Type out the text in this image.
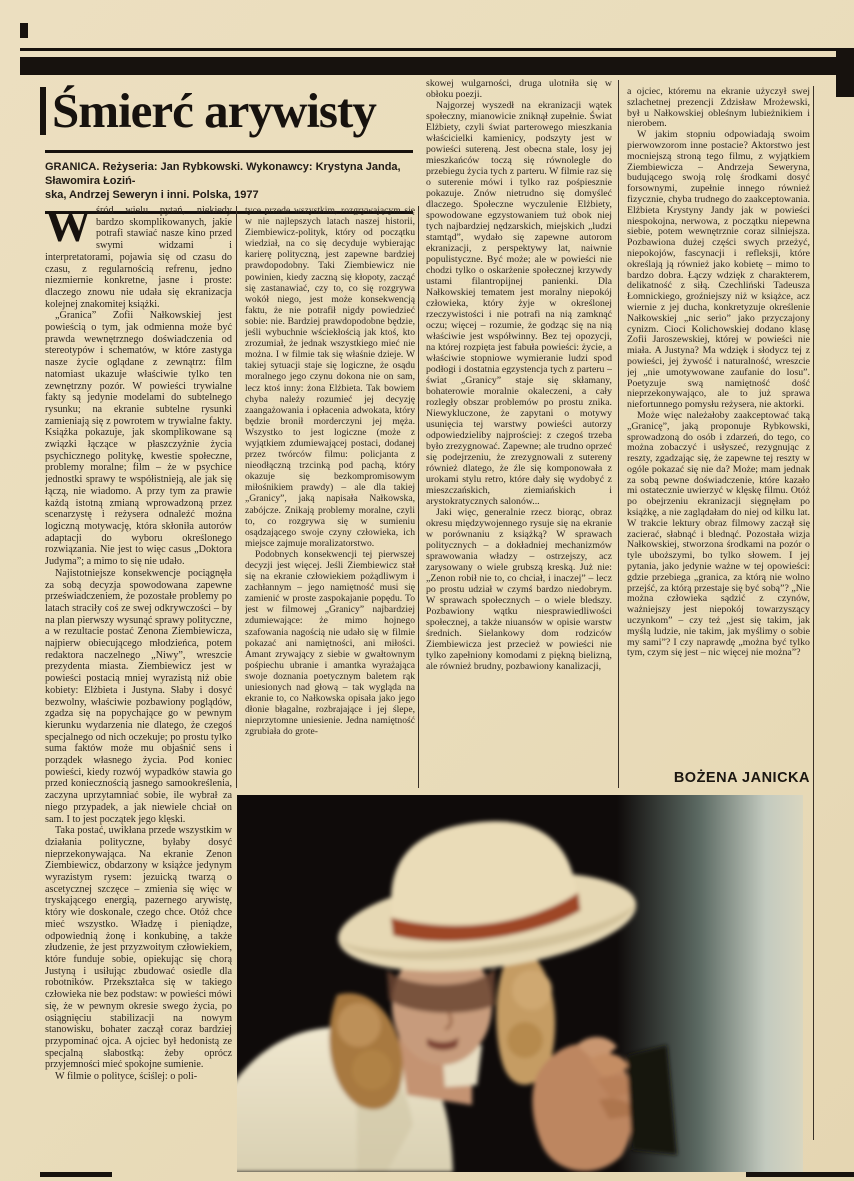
Śmierć arywisty
GRANICA. Reżyseria: Jan Rybkowski. Wykonawcy: Krystyna Janda, Sławomira Łoziń-
ska, Andrzej Seweryn i inni. Polska, 1977

Wśród wielu pytań, niekiedy bardzo skomplikowanych, jakie potrafi stawiać nasze kino przed swymi widzami i interpretatorami, pojawia się od czasu do czasu, z regularnością refrenu, jedno niezmiernie konkretne, jasne i proste: dlaczego znowu nie udała się ekranizacja kolejnej znakomitej książki.

„Granica” Zofii Nałkowskiej jest powieścią o tym, jak odmienna może być prawda wewnętrznego doświadczenia od stereotypów i schematów, w które zastyga nasze życie oglądane z zewnątrz: film natomiast ukazuje właściwie tylko ten zewnętrzny pozór. W powieści trywialne fakty są jedynie modelami do subtelnego rysunku; na ekranie subtelne rysunki zamieniają się z powrotem w trywialne fakty. Książka pokazuje, jak skomplikowane są związki łączące w płaszczyźnie życia psychicznego politykę, kwestie społeczne, problemy moralne; film – że w psychice jednostki sprawy te współistnieją, ale jak się łączą, nie wiadomo. A przy tym za prawie każdą istotną zmianą wprowadzoną przez scenarzystę i reżysera odnaleźć można logiczną motywację, która skłoniła autorów adaptacji do wyboru określonego rozwiązania. Nie jest to więc casus „Doktora Judyma”; a mimo to się nie udało.

Najistotniejsze konsekwencje pociągnęła za sobą decyzja spowodowana zapewne przeświadczeniem, że pozostałe problemy po latach straciły coś ze swej odkrywczości – by na plan pierwszy wysunąć sprawy polityczne, a w rezultacie postać Zenona Ziembiewicza, najpierw obiecującego młodzieńca, potem redaktora naczelnego „Niwy”, wreszcie prezydenta miasta. Ziembiewicz jest w powieści postacią mniej wyrazistą niż obie kobiety: Elżbieta i Justyna. Słaby i dosyć bezwolny, właściwie pozbawiony poglądów, zgadza się na popychające go w pewnym kierunku wydarzenia nie dlatego, że czegoś specjalnego od nich oczekuje; po prostu tylko suma faktów może mu objaśnić sens i porządek własnego życia. Pod koniec powieści, kiedy rozwój wypadków stawia go przed koniecznością jasnego samookreślenia, zaczyna uprzytamniać sobie, ile wybrał za niego przypadek, a jak niewiele chciał on sam. I to jest początek jego klęski.

Taka postać, uwikłana przede wszystkim w działania polityczne, byłaby dosyć nieprzekonywająca. Na ekranie Zenon Ziembiewicz, obdarzony w książce jedynym wyrazistym rysem: jezuicką twarzą o ascetycznej szczęce – zmienia się więc w tryskającego energią, pazernego arywistę, który wie doskonale, czego chce. Otóż chce mieć wszystko. Władzę i pieniądze, odpowiednią żonę i konkubinę, a także złudzenie, że jest przyzwoitym człowiekiem, które funduje sobie, opiekując się chorą Justyną i usiłując zbudować osiedle dla robotników. Przekształca się w takiego człowieka nie bez podstaw: w powieści mówi się, że w pewnym okresie swego życia, po osiągnięciu stabilizacji na nowym stanowisku, bohater zaczął coraz bardziej przypominać ojca. A ojciec był hedonistą ze specjalną słabostką: żeby oprócz przyjemności mieć spokojne sumienie.

W filmie o polityce, ściślej: o poli-

tyce przede wszystkim, rozgrywającym się w nie najlepszych latach naszej historii, Ziembiewicz-polityk, który od początku wiedział, na co się decyduje wybierając karierę polityczną, jest zapewne bardziej prawdopodobny. Taki Ziembiewicz nie powinien, kiedy zaczną się kłopoty, zacząć się zastanawiać, czy to, co się rozgrywa wokół niego, jest może konsekwencją faktu, że nie potrafił nigdy powiedzieć sobie: nie. Bardziej prawdopodobne będzie, jeśli wybuchnie wściekłością jak ktoś, kto zrozumiał, że jednak wszystkiego mieć nie można. I w filmie tak się właśnie dzieje. W takiej sytuacji staje się logiczne, że osądu moralnego jego czynu dokona nie on sam, lecz ktoś inny: żona Elżbieta. Tak bowiem chyba należy rozumieć jej decyzję zaangażowania i opłacenia adwokata, który będzie bronił morderczyni jej męża. Wszystko to jest logiczne (może z wyjątkiem zdumiewającej postaci, dodanej przez twórców filmu: policjanta z nieodłączną trzcinką pod pachą, który okazuje się bezkompromisowym miłośnikiem prawdy) – ale dla takiej „Granicy”, jaką napisała Nałkowska, zabójcze. Znikają problemy moralne, czyli to, co rozgrywa się w sumieniu osądzającego swoje czyny człowieka, ich miejsce zajmuje moralizatorstwo.

Podobnych konsekwencji tej pierwszej decyzji jest więcej. Jeśli Ziembiewicz stał się na ekranie człowiekiem pożądliwym i zachłannym – jego namiętność musi się zamienić w proste zaspokajanie popędu. To jest w filmowej „Granicy” najbardziej zdumiewające: że mimo hojnego szafowania nagością nie udało się w filmie pokazać ani namiętności, ani miłości. Amant zrywający z siebie w gwałtownym pośpiechu ubranie i amantka wyrażająca swoje doznania poetycznym baletem rąk uniesionych nad głową – tak wygląda na ekranie to, co Nałkowska opisała jako jego dłonie błagalne, rozbrajające i jej ślepe, nieprzytomne uniesienie. Jedna namiętność zgrubiała do grote-

skowej wulgarności, druga ulotniła się w obłoku poezji.

Najgorzej wyszedł na ekranizacji wątek społeczny, mianowicie zniknął zupełnie. Świat Elżbiety, czyli świat parterowego mieszkania właścicielki kamienicy, podszyty jest w powieści sutereną. Jest obecna stale, losy jej mieszkańców toczą się równolegle do przebiegu życia tych z parteru. W filmie raz się o suterenie mówi i tylko raz pośpiesznie pokazuje. Znów nietrudno się domyśleć dlaczego. Społeczne wyczulenie Elżbiety, spowodowane egzystowaniem tuż obok niej tych najbardziej nędzarskich, miejskich „ludzi stamtąd”, wydało się zapewne autorom ekranizacji, z perspektywy lat, naiwnie populistyczne. Być może; ale w powieści nie chodzi tylko o oskarżenie społecznej krzywdy ustami filantropijnej panienki. Dla Nałkowskiej tematem jest moralny niepokój człowieka, który żyje w określonej rzeczywistości i nie potrafi na nią zamknąć oczu; więcej – rozumie, że godząc się na nią właściwie jest współwinny. Bez tej opozycji, na której rozpięta jest fabuła powieści: życie, a właściwie stopniowe wymieranie ludzi spod podłogi i dostatnia egzystencja tych z parteru – świat „Granicy” staje się skłamany, bohaterowie moralnie okaleczeni, a cały rozległy obszar problemów po prostu znika. Niewykluczone, że zapytani o motywy usunięcia tej warstwy powieści autorzy odpowiedzieliby najprościej: z czegoś trzeba było zrezygnować. Zapewne; ale trudno oprzeć się podejrzeniu, że zrezygnowali z sutereny również dlatego, że źle się komponowała z urokami stylu retro, które dały się wydobyć z mieszczańskich, ziemiańskich i arystokratycznych salonów...

Jaki więc, generalnie rzecz biorąc, obraz okresu międzywojennego rysuje się na ekranie w porównaniu z książką? W sprawach politycznych – a dokładniej mechanizmów sprawowania władzy – ostrzejszy, acz zarysowany o wiele grubszą kreską. Już nie: „Zenon robił nie to, co chciał, i inaczej” – lecz po prostu udział w czymś bardzo niedobrym. W sprawach społecznych – o wiele bledszy. Pozbawiony wątku niesprawiedliwości społecznej, a także niuansów w opisie warstw średnich. Sielankowy dom rodziców Ziembiewicza jest przecież w powieści nie tylko zapełniony komodami z piękną bielizną, ale również brudny, pozbawiony kanalizacji,

a ojciec, któremu na ekranie użyczył swej szlachetnej prezencji Zdzisław Mrożewski, był u Nałkowskiej obleśnym lubieżnikiem i nierobem.

W jakim stopniu odpowiadają swoim pierwowzorom inne postacie? Aktorstwo jest mocniejszą stroną tego filmu, z wyjątkiem Ziembiewicza – Andrzeja Seweryna, budującego swoją rolę środkami dosyć forsownymi, zupełnie innego również fizycznie, chyba trudnego do zaakceptowania. Elżbieta Krystyny Jandy jak w powieści niespokojna, nerwowa, z początku niepewna siebie, potem wewnętrznie coraz silniejsza. Pozbawiona dużej części swych przeżyć, niepokojów, fascynacji i refleksji, które określają ją również jako kobietę – mimo to bardzo dobra. Łączy wdzięk z charakterem, delikatność z siłą. Czechliński Tadeusza Łomnickiego, groźniejszy niż w książce, acz wiernie z jej ducha, konkretyzuje określenie Nałkowskiej „nic serio” jako przyczajony cynizm. Cioci Kolichowskiej dodano klasę Zofii Jaroszewskiej, której w powieści nie miała. A Justyna? Ma wdzięk i słodycz tej z powieści, jej żywość i naturalność, wreszcie jej „nie umotywowane zaufanie do losu”. Poetyzuje swą namiętność dość nieprzekonywająco, ale to już sprawa niefortunnego pomysłu reżysera, nie aktorki.

Może więc należałoby zaakceptować taką „Granicę”, jaką proponuje Rybkowski, sprowadzoną do osób i zdarzeń, do tego, co można zobaczyć i usłyszeć, rezygnując z reszty, zgadzając się, że zapewne tej reszty w ogóle pokazać się nie da? Może; mam jednak za sobą pewne doświadczenie, które kazało mi ostatecznie uwierzyć w klęskę filmu. Otóż po obejrzeniu ekranizacji sięgnęłam po książkę, a nie zaglądałam do niej od kilku lat. W trakcie lektury obraz filmowy zaczął się zacierać, słabnąć i blednąć. Pozostała wizja Nałkowskiej, stworzona środkami na pozór o tyle uboższymi, bo tylko słowem. I jej pytania, jako jedynie ważne w tej opowieści: gdzie przebiega „granica, za którą nie wolno przejść, za którą przestaje się być sobą”? „Nie można człowieka sądzić z czynów, ważniejszy jest niepokój towarzyszący uczynkom” – czy też „jest się takim, jak myślą ludzie, nie takim, jak myślimy o sobie my sami”? I czy naprawdę „można być tylko tym, czym się jest – nic więcej nie można”?

BOŻENA JANICKA
